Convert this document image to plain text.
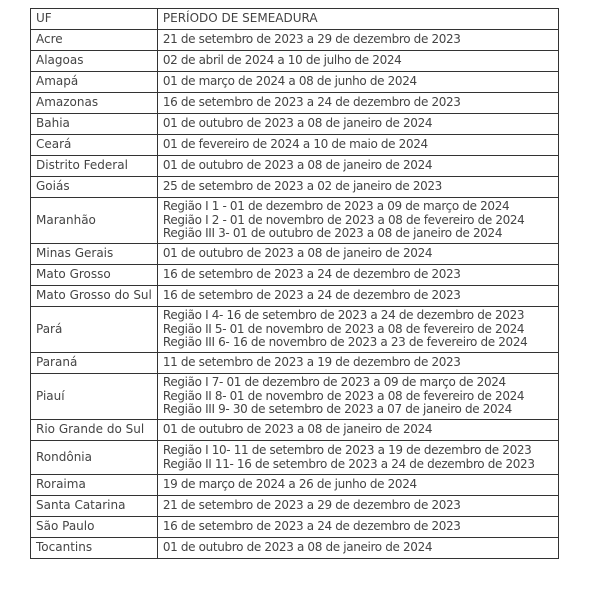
UF	PERÍODO DE SEMEADURA
Acre	21 de setembro de 2023 a 29 de dezembro de 2023

Alagoas	02 de abril de 2024 a 10 de julho de 2024

Amapá	01 de março de 2024 a 08 de junho de 2024

Amazonas	16 de setembro de 2023 a 24 de dezembro de 2023

Bahia	01 de outubro de 2023 a 08 de janeiro de 2024

Ceará	01 de fevereiro de 2024 a 10 de maio de 2024

Distrito Federal	01 de outubro de 2023 a 08 de janeiro de 2024

Goiás	25 de setembro de 2023 a 02 de janeiro de 2023

Maranhão	Região I 1 - 01 de dezembro de 2023 a 09 de março de 2024
Região I 2 - 01 de novembro de 2023 a 08 de fevereiro de 2024
Região III 3- 01 de outubro de 2023 a 08 de janeiro de 2024

Minas Gerais	01 de outubro de 2023 a 08 de janeiro de 2024

Mato Grosso	16 de setembro de 2023 a 24 de dezembro de 2023

Mato Grosso do Sul	16 de setembro de 2023 a 24 de dezembro de 2023

Pará	Região I 4- 16 de setembro de 2023 a 24 de dezembro de 2023
Região II 5- 01 de novembro de 2023 a 08 de fevereiro de 2024
Região III 6- 16 de novembro de 2023 a 23 de fevereiro de 2024

Paraná	11 de setembro de 2023 a 19 de dezembro de 2023

Piauí	Região I 7- 01 de dezembro de 2023 a 09 de março de 2024
Região II 8- 01 de novembro de 2023 a 08 de fevereiro de 2024
Região III 9- 30 de setembro de 2023 a 07 de janeiro de 2024

Rio Grande do Sul	01 de outubro de 2023 a 08 de janeiro de 2024

Rondônia	Região I 10- 11 de setembro de 2023 a 19 de dezembro de 2023
Região II 11- 16 de setembro de 2023 a 24 de dezembro de 2023

Roraima	19 de março de 2024 a 26 de junho de 2024

Santa Catarina	21 de setembro de 2023 a 29 de dezembro de 2023

São Paulo	16 de setembro de 2023 a 24 de dezembro de 2023

Tocantins	01 de outubro de 2023 a 08 de janeiro de 2024
